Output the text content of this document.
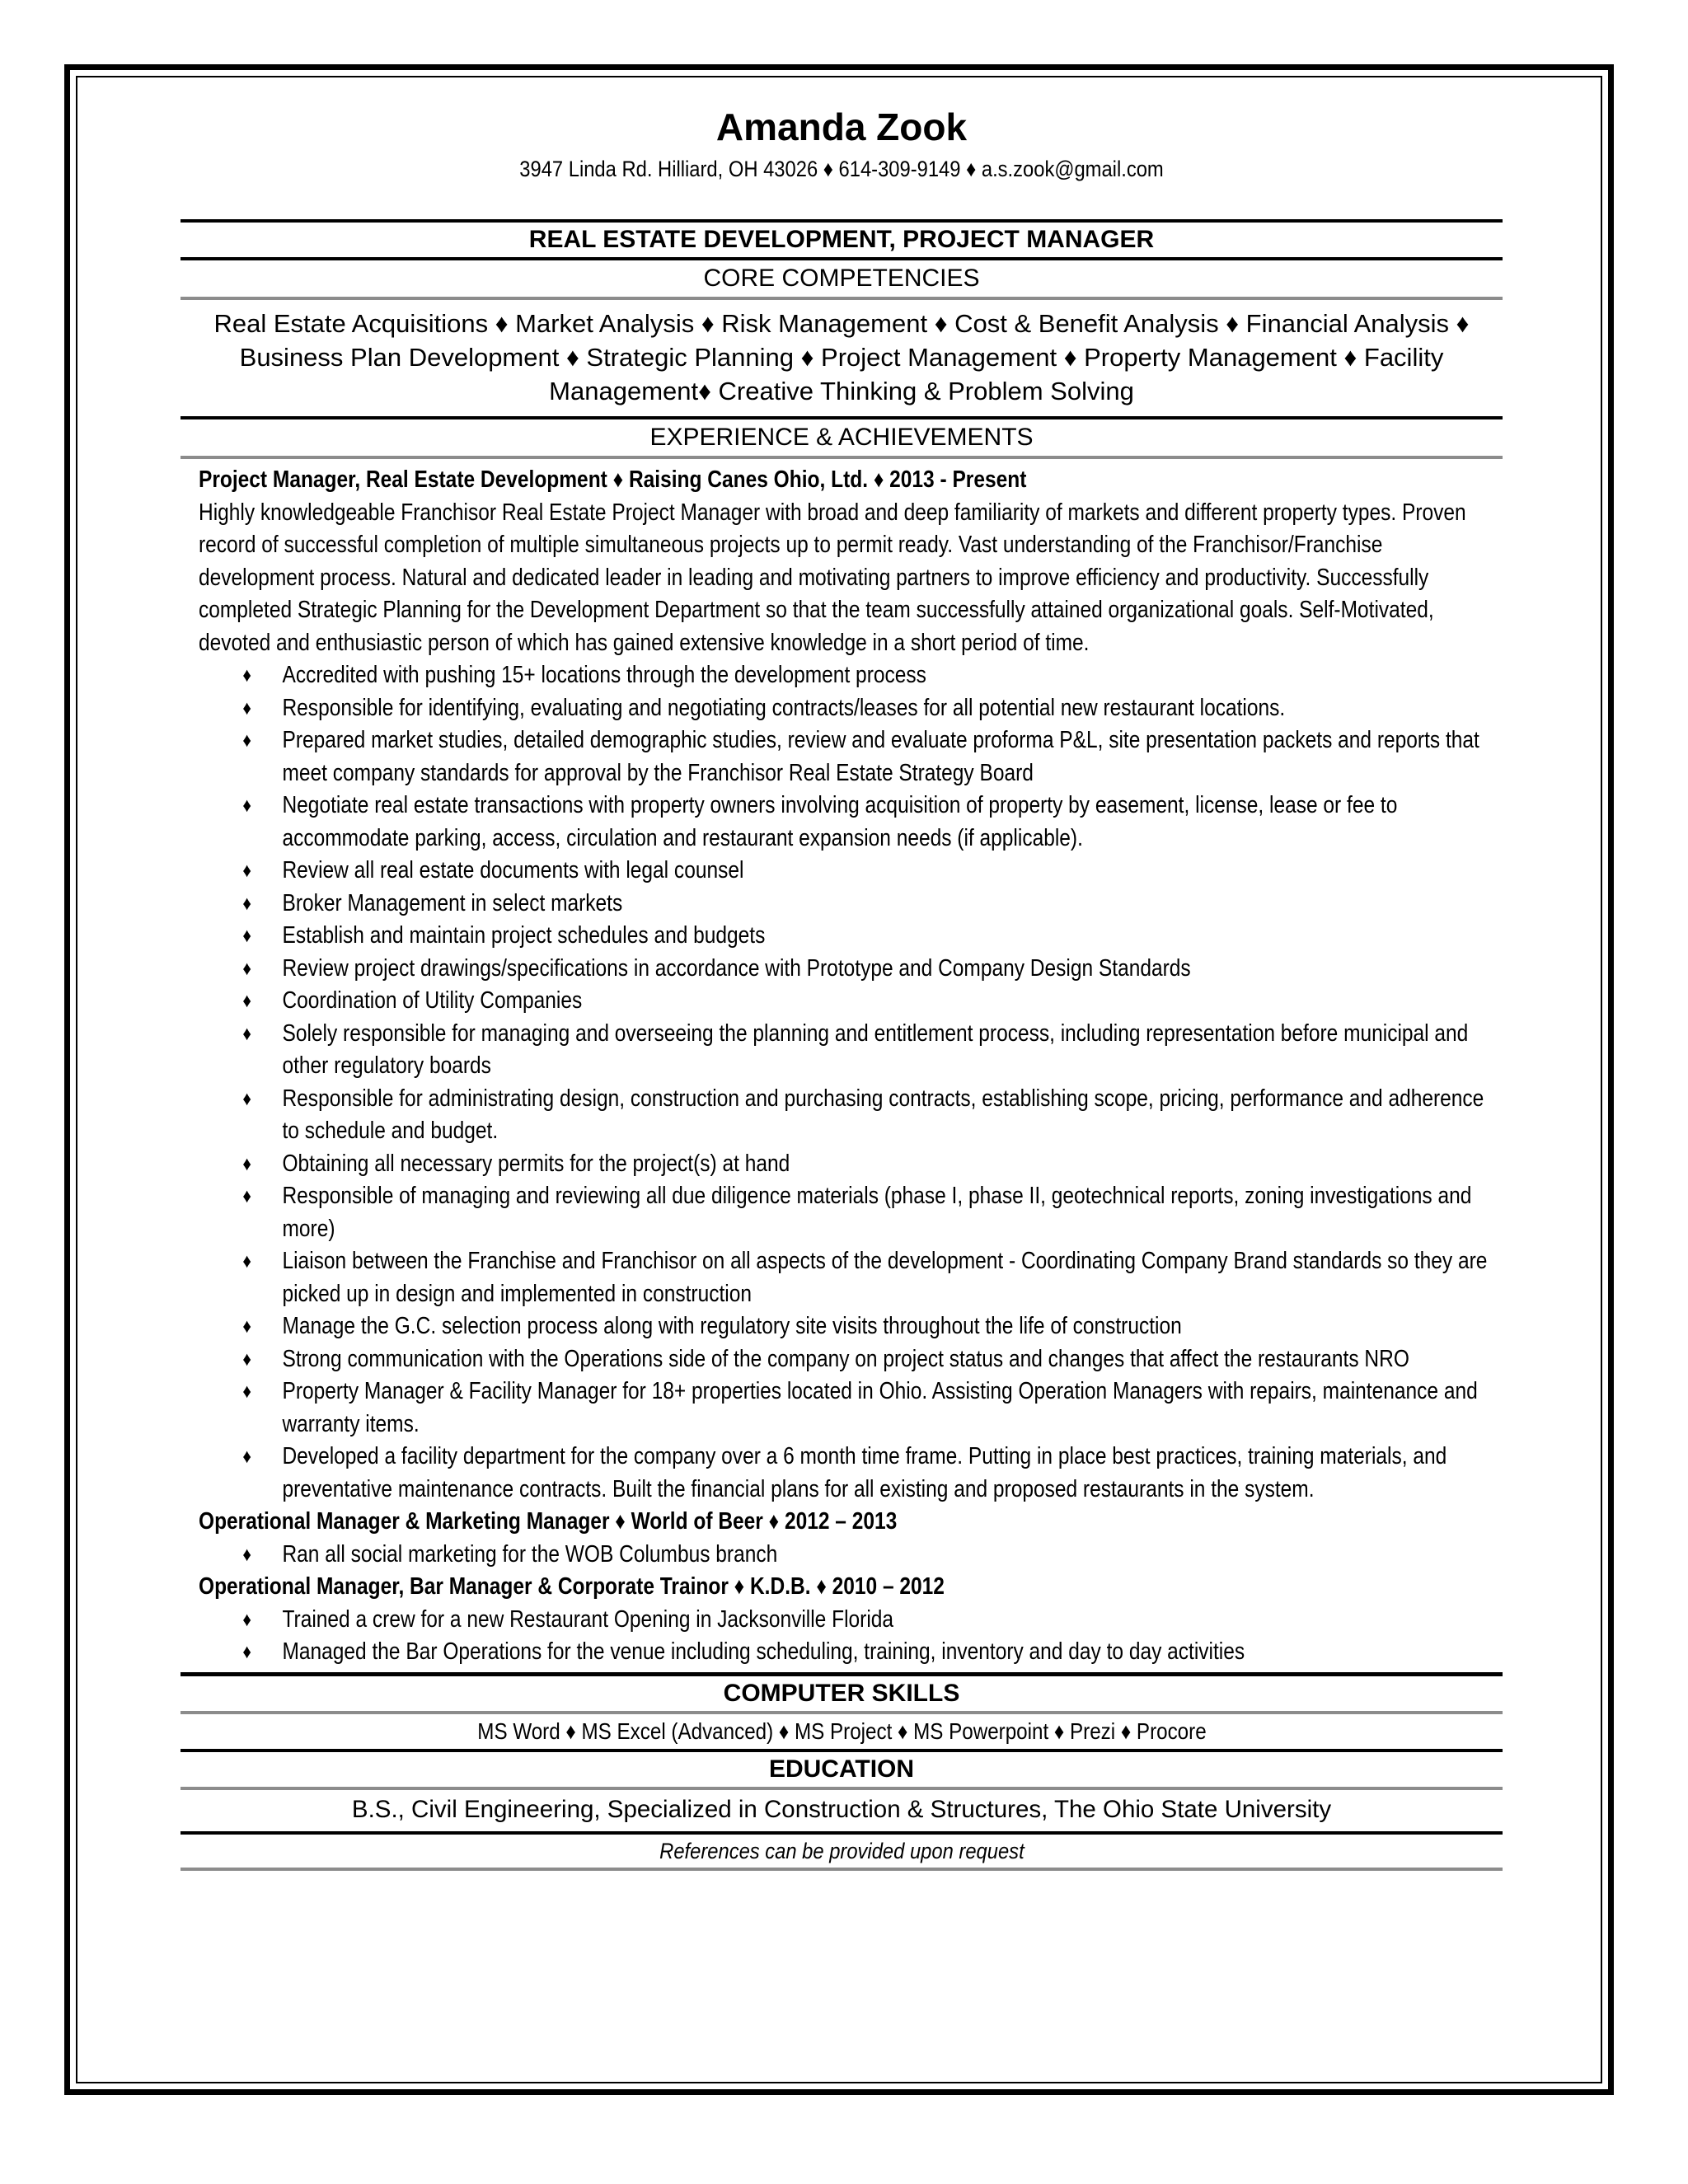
Amanda Zook
3947 Linda Rd. Hilliard, OH 43026 ♦ 614-309-9149 ♦ a.s.zook@gmail.com
REAL ESTATE DEVELOPMENT, PROJECT MANAGER
CORE COMPETENCIES
Real Estate Acquisitions ♦ Market Analysis ♦ Risk Management ♦ Cost & Benefit Analysis ♦ Financial Analysis ♦ Business Plan Development ♦ Strategic Planning ♦ Project Management ♦ Property Management ♦ Facility Management♦ Creative Thinking & Problem Solving
EXPERIENCE & ACHIEVEMENTS
Project Manager, Real Estate Development ♦ Raising Canes Ohio, Ltd. ♦ 2013 - Present
Highly knowledgeable Franchisor Real Estate Project Manager with broad and deep familiarity of markets and different property types. Proven record of successful completion of multiple simultaneous projects up to permit ready. Vast understanding of the Franchisor/Franchise development process. Natural and dedicated leader in leading and motivating partners to improve efficiency and productivity. Successfully completed Strategic Planning for the Development Department so that the team successfully attained organizational goals. Self-Motivated, devoted and enthusiastic person of which has gained extensive knowledge in a short period of time.
♦ Accredited with pushing 15+ locations through the development process
♦ Responsible for identifying, evaluating and negotiating contracts/leases for all potential new restaurant locations.
♦ Prepared market studies, detailed demographic studies, review and evaluate proforma P&L, site presentation packets and reports that meet company standards for approval by the Franchisor Real Estate Strategy Board
♦ Negotiate real estate transactions with property owners involving acquisition of property by easement, license, lease or fee to accommodate parking, access, circulation and restaurant expansion needs (if applicable).
♦ Review all real estate documents with legal counsel
♦ Broker Management in select markets
♦ Establish and maintain project schedules and budgets
♦ Review project drawings/specifications in accordance with Prototype and Company Design Standards
♦ Coordination of Utility Companies
♦ Solely responsible for managing and overseeing the planning and entitlement process, including representation before municipal and other regulatory boards
♦ Responsible for administrating design, construction and purchasing contracts, establishing scope, pricing, performance and adherence to schedule and budget.
♦ Obtaining all necessary permits for the project(s) at hand
♦ Responsible of managing and reviewing all due diligence materials (phase I, phase II, geotechnical reports, zoning investigations and more)
♦ Liaison between the Franchise and Franchisor on all aspects of the development - Coordinating Company Brand standards so they are picked up in design and implemented in construction
♦ Manage the G.C. selection process along with regulatory site visits throughout the life of construction
♦ Strong communication with the Operations side of the company on project status and changes that affect the restaurants NRO
♦ Property Manager & Facility Manager for 18+ properties located in Ohio. Assisting Operation Managers with repairs, maintenance and warranty items.
♦ Developed a facility department for the company over a 6 month time frame. Putting in place best practices, training materials, and preventative maintenance contracts. Built the financial plans for all existing and proposed restaurants in the system.
Operational Manager & Marketing Manager ♦ World of Beer ♦ 2012 – 2013
♦ Ran all social marketing for the WOB Columbus branch
Operational Manager, Bar Manager & Corporate Trainor ♦ K.D.B. ♦ 2010 – 2012
♦ Trained a crew for a new Restaurant Opening in Jacksonville Florida
♦ Managed the Bar Operations for the venue including scheduling, training, inventory and day to day activities
COMPUTER SKILLS
MS Word ♦ MS Excel (Advanced) ♦ MS Project ♦ MS Powerpoint ♦ Prezi ♦ Procore
EDUCATION
B.S., Civil Engineering, Specialized in Construction & Structures, The Ohio State University
References can be provided upon request
